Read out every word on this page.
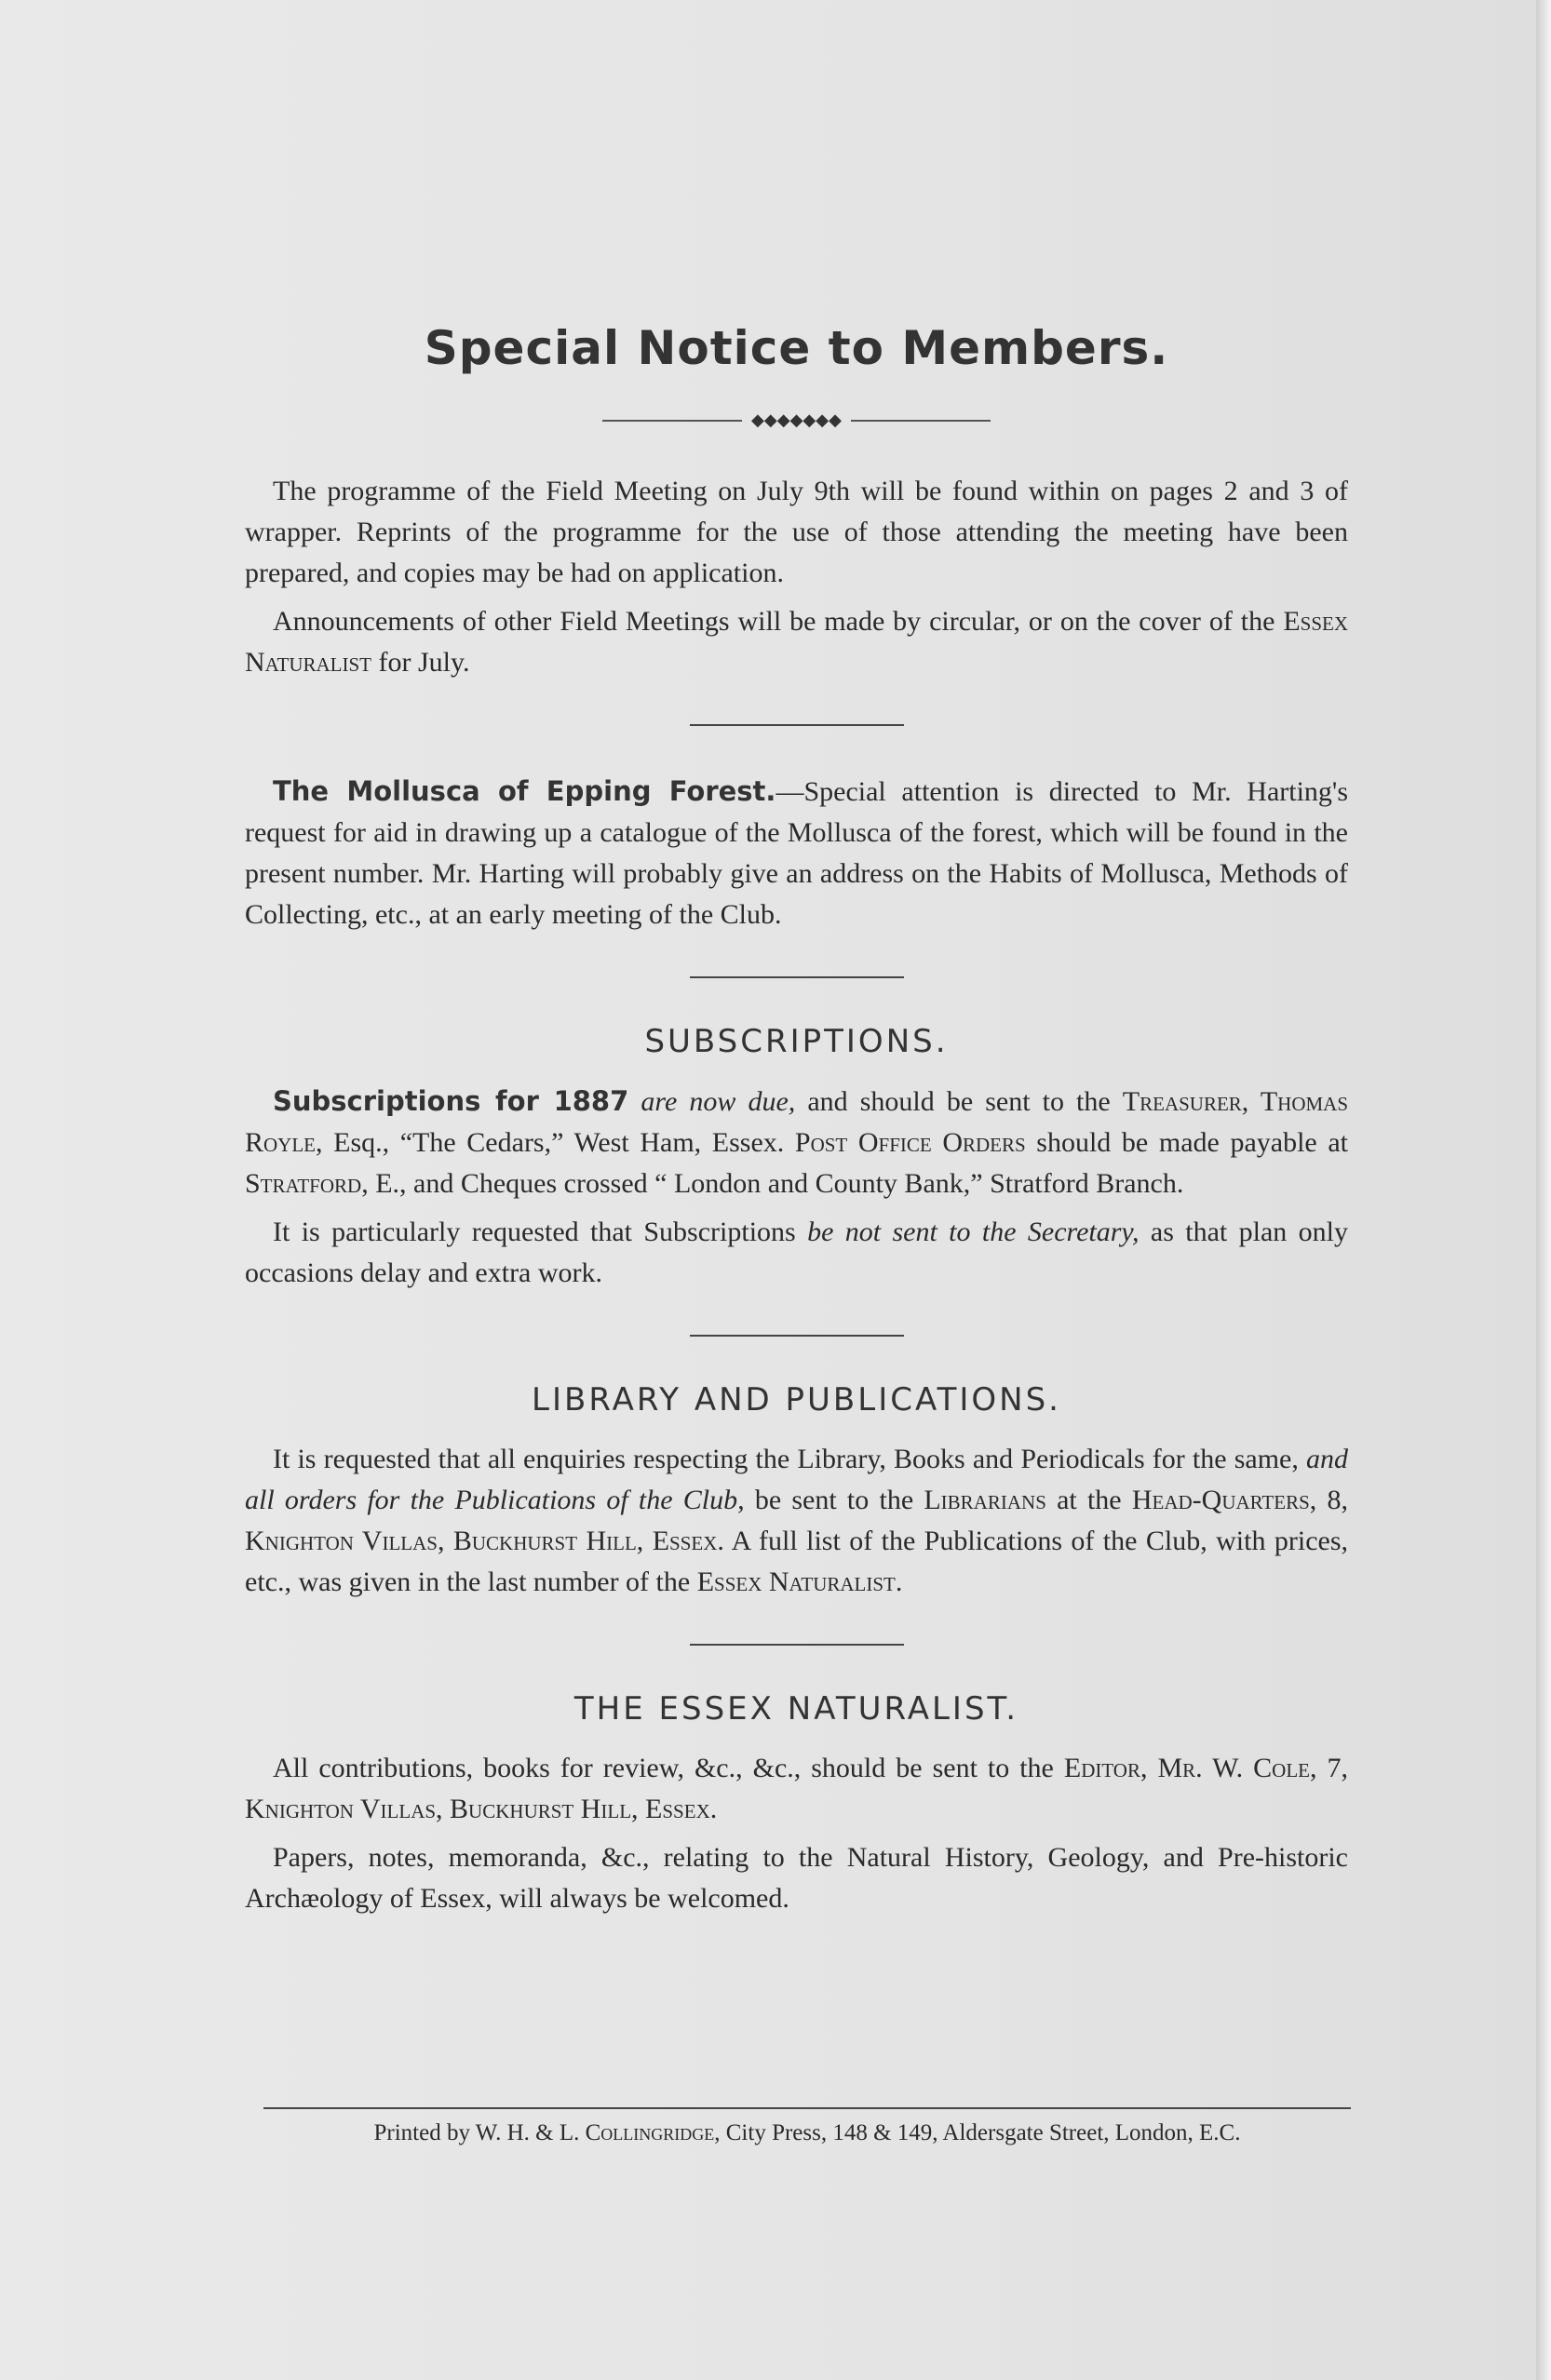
Special Notice to Members.
◆◆◆◆◆◆◆

The programme of the Field Meeting on July 9th will be found within on pages 2 and 3 of wrapper. Reprints of the programme for the use of those attending the meeting have been prepared, and copies may be had on application.

Announcements of other Field Meetings will be made by circular, or on the cover of the Essex Naturalist for July.

The Mollusca of Epping Forest.—Special attention is directed to Mr. Harting's request for aid in drawing up a catalogue of the Mollusca of the forest, which will be found in the present number. Mr. Harting will probably give an address on the Habits of Mollusca, Methods of Collecting, etc., at an early meeting of the Club.

SUBSCRIPTIONS.

Subscriptions for 1887 are now due, and should be sent to the Treasurer, Thomas Royle, Esq., “The Cedars,” West Ham, Essex. Post Office Orders should be made payable at Stratford, E., and Cheques crossed “ London and County Bank,” Stratford Branch.

It is particularly requested that Subscriptions be not sent to the Secretary, as that plan only occasions delay and extra work.

LIBRARY AND PUBLICATIONS.

It is requested that all enquiries respecting the Library, Books and Periodicals for the same, and all orders for the Publications of the Club, be sent to the Librarians at the Head-Quarters, 8, Knighton Villas, Buckhurst Hill, Essex. A full list of the Publications of the Club, with prices, etc., was given in the last number of the Essex Naturalist.

THE ESSEX NATURALIST.

All contributions, books for review, &c., &c., should be sent to the Editor, Mr. W. Cole, 7, Knighton Villas, Buckhurst Hill, Essex.

Papers, notes, memoranda, &c., relating to the Natural History, Geology, and Pre-historic Archæology of Essex, will always be welcomed.

Printed by W. H. & L. Collingridge, City Press, 148 & 149, Aldersgate Street, London, E.C.
